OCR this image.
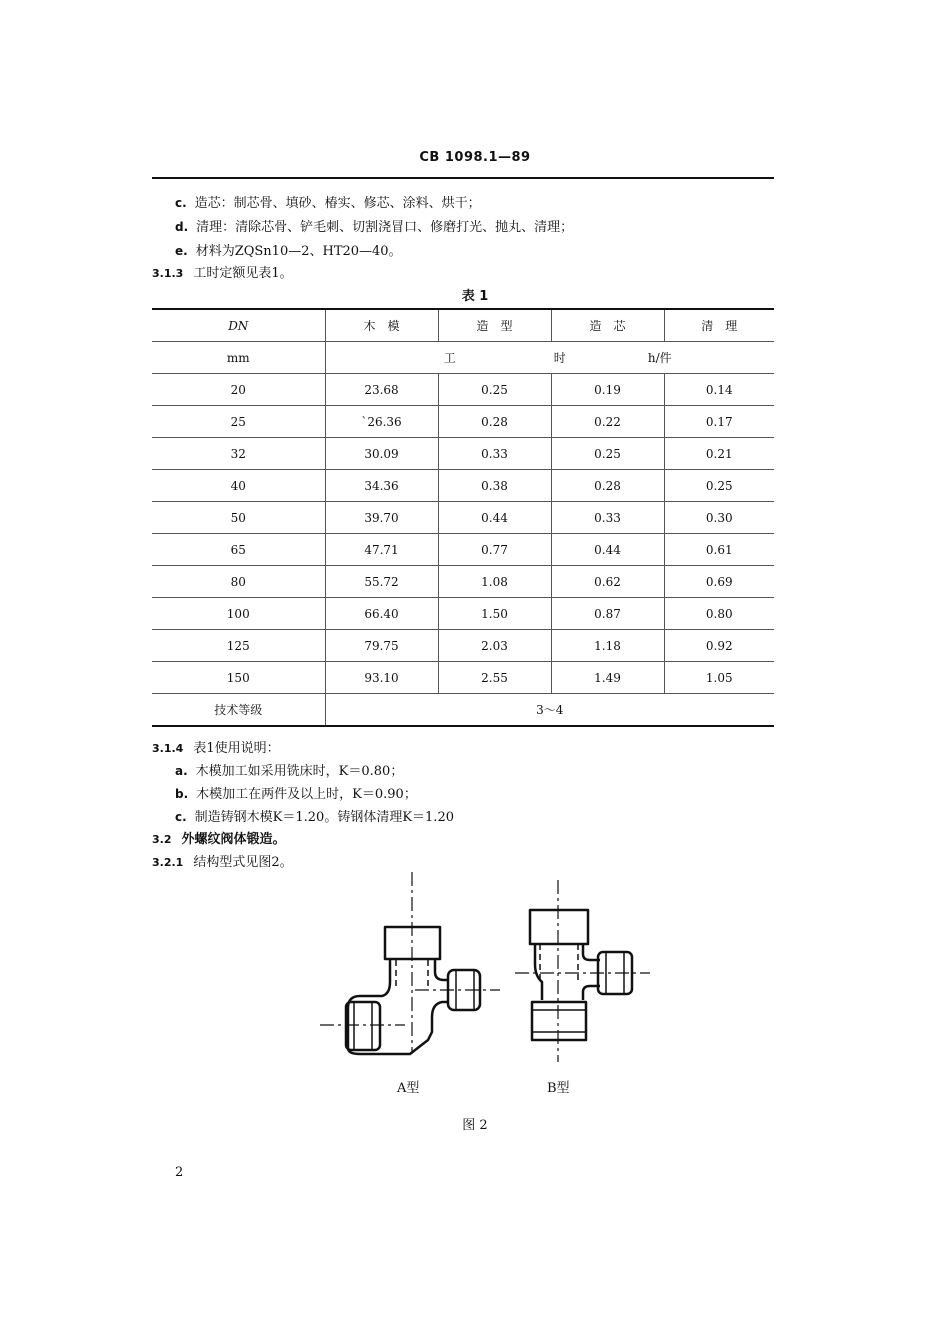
CB 1098.1—89
c. 造芯：制芯骨、填砂、椿实、修芯、涂料、烘干；
d. 清理：清除芯骨、铲毛刺、切割浇冒口、修磨打光、抛丸、清理；
e. 材料为ZQSn10—2、HT20—40。
3.1.3 工时定额见表1。
表 1
DN	木　模	造　型	造　芯	清　理
mm	工 时 h/件			
20	23.68	0.25	0.19	0.14
25	`26.36	0.28	0.22	0.17
32	30.09	0.33	0.25	0.21
40	34.36	0.38	0.28	0.25
50	39.70	0.44	0.33	0.30
65	47.71	0.77	0.44	0.61
80	55.72	1.08	0.62	0.69
100	66.40	1.50	0.87	0.80
125	79.75	2.03	1.18	0.92
150	93.10	2.55	1.49	1.05
技术等级	3～4			
3.1.4 表1使用说明：
a. 木模加工如采用铣床时，K＝0.80；
b. 木模加工在两件及以上时，K＝0.90；
c. 制造铸钢木模K＝1.20。铸钢体清理K＝1.20
3.2 外螺纹阀体锻造。
3.2.1 结构型式见图2。
A型	B型
图 2
2
